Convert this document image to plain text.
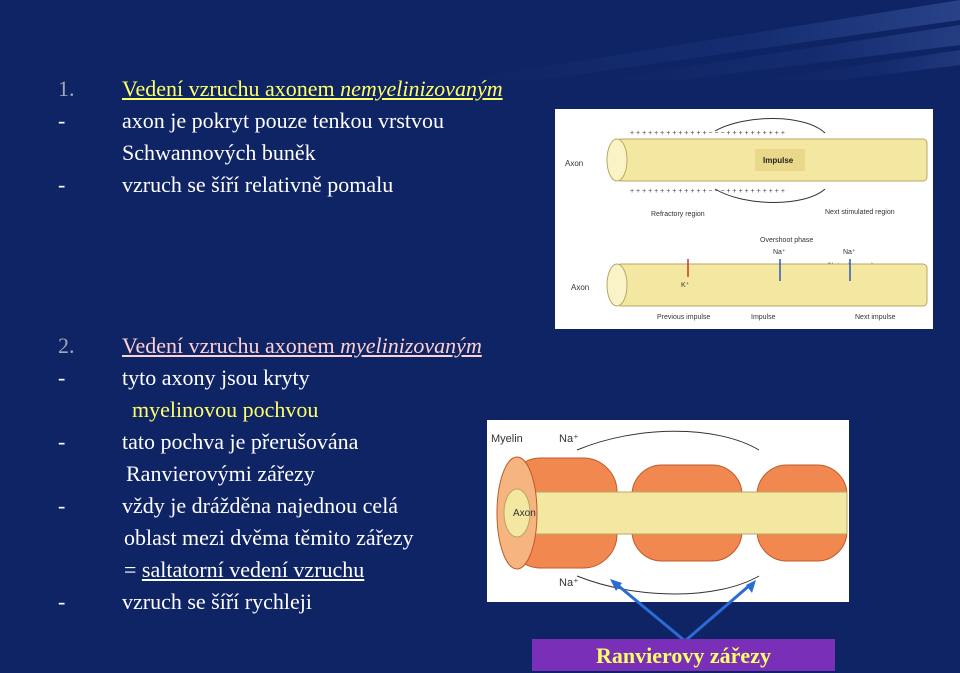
1. Vedení vzruchu axonem nemyelinizovaným
-	axon je pokryt pouze tenkou vrstvou
Schwannových buněk
-	vzruch se šíří relativně pomalu
2. Vedení vzruchu axonem myelinizovaným
-	tyto axony jsou kryty
myelinovou pochvou
-	tato pochva je přerušována
Ranvierovými zářezy
-	vždy je drážděna najednou celá
oblast mezi dvěma těmito zářezy
= saltatorní vedení vzruchu
-	vzruch se šíří rychleji
Axon	Impulse
+ + + + + + + + + + + + + − − − + + + + + + + + + +
+ + + + + + + + + + + + + − − − + + + + + + + + + +
Refractory region	Next stimulated region
Overshoot phase
Na⁺	Na⁺
Axon	K⁺
Previous impulse	Impulse	Next impulse
Myelin	Na⁺
Na⁺
Axon
Ranvierovy zářezy
